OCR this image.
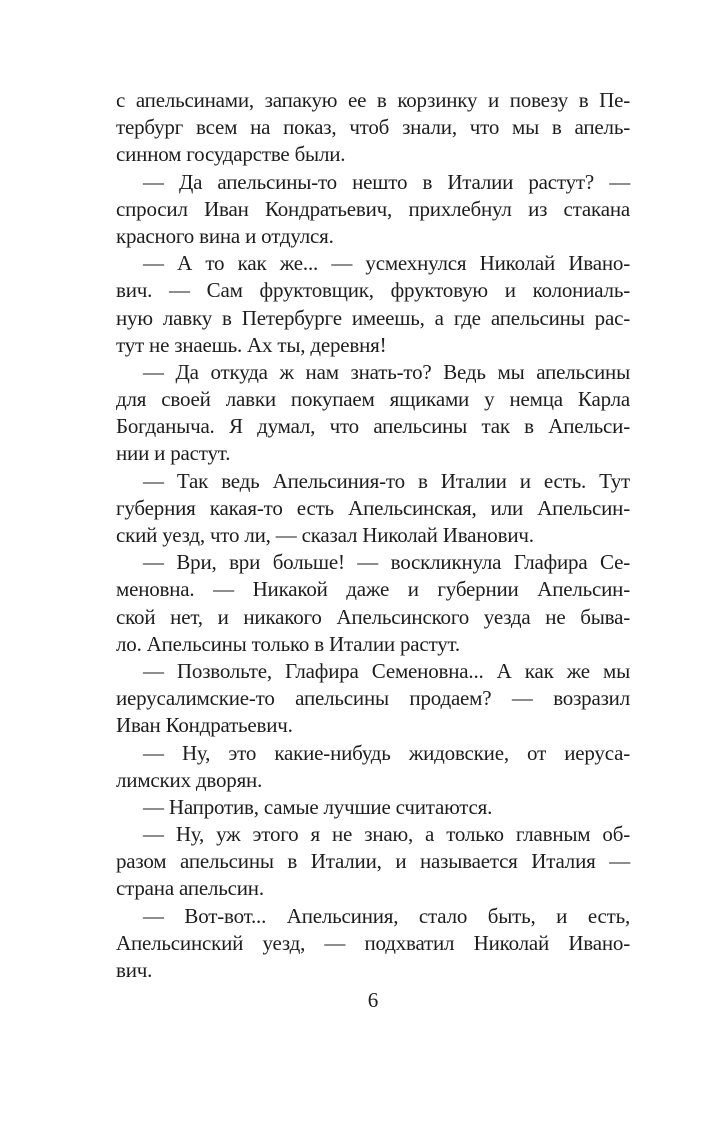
с апельсинами, запакую ее в корзинку и повезу в Пе-
тербург всем на показ, чтоб знали, что мы в апель-
синном государстве были.
— Да апельсины-то нешто в Италии растут? —
спросил Иван Кондратьевич, прихлебнул из стакана
красного вина и отдулся.
— А то как же... — усмехнулся Николай Ивано-
вич. — Сам фруктовщик, фруктовую и колониаль-
ную лавку в Петербурге имеешь, а где апельсины рас-
тут не знаешь. Ах ты, деревня!
— Да откуда ж нам знать-то? Ведь мы апельсины
для своей лавки покупаем ящиками у немца Карла
Богданыча. Я думал, что апельсины так в Апельси-
нии и растут.
— Так ведь Апельсиния-то в Италии и есть. Тут
губерния какая-то есть Апельсинская, или Апельсин-
ский уезд, что ли, — сказал Николай Иванович.
— Ври, ври больше! — воскликнула Глафира Се-
меновна. — Никакой даже и губернии Апельсин-
ской нет, и никакого Апельсинского уезда не быва-
ло. Апельсины только в Италии растут.
— Позвольте, Глафира Семеновна... А как же мы
иерусалимские-то апельсины продаем? — возразил
Иван Кондратьевич.
— Ну, это какие-нибудь жидовские, от иеруса-
лимских дворян.
— Напротив, самые лучшие считаются.
— Ну, уж этого я не знаю, а только главным об-
разом апельсины в Италии, и называется Италия —
страна апельсин.
— Вот-вот... Апельсиния, стало быть, и есть,
Апельсинский уезд, — подхватил Николай Ивано-
вич.
6
